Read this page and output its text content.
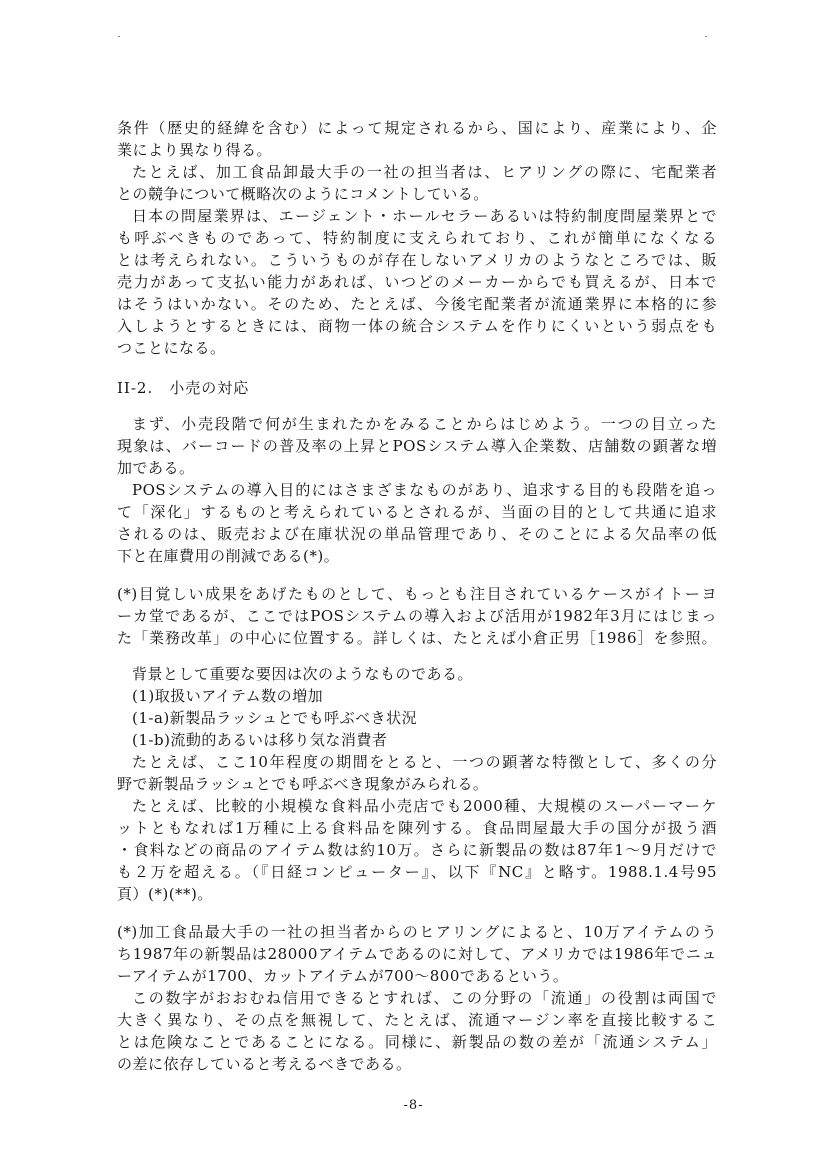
条件（歴史的経緯を含む）によって規定されるから、国により、産業により、企
業により異なり得る。
たとえば、加工食品卸最大手の一社の担当者は、ヒアリングの際に、宅配業者
との競争について概略次のようにコメントしている。
日本の問屋業界は、エージェント・ホールセラーあるいは特約制度問屋業界とで
も呼ぶべきものであって、特約制度に支えられており、これが簡単になくなる
とは考えられない。こういうものが存在しないアメリカのようなところでは、販
売力があって支払い能力があれば、いつどのメーカーからでも買えるが、日本で
はそうはいかない。そのため、たとえば、今後宅配業者が流通業界に本格的に参
入しようとするときには、商物一体の統合システムを作りにくいという弱点をも
つことになる。
II-2.　小売の対応
まず、小売段階で何が生まれたかをみることからはじめよう。一つの目立った
現象は、バーコードの普及率の上昇とPOSシステム導入企業数、店舗数の顕著な増
加である。
POSシステムの導入目的にはさまざまなものがあり、追求する目的も段階を追っ
て「深化」するものと考えられているとされるが、当面の目的として共通に追求
されるのは、販売および在庫状況の単品管理であり、そのことによる欠品率の低
下と在庫費用の削減である(*)。
(*)目覚しい成果をあげたものとして、もっとも注目されているケースがイトーヨ
ーカ堂であるが、ここではPOSシステムの導入および活用が1982年3月にはじまっ
た「業務改革」の中心に位置する。詳しくは、たとえば小倉正男［1986］を参照。
背景として重要な要因は次のようなものである。
(1)取扱いアイテム数の増加
(1-a)新製品ラッシュとでも呼ぶべき状況
(1-b)流動的あるいは移り気な消費者
たとえば、ここ10年程度の期間をとると、一つの顕著な特徴として、多くの分
野で新製品ラッシュとでも呼ぶべき現象がみられる。
たとえば、比較的小規模な食料品小売店でも2000種、大規模のスーパーマーケ
ットともなれば1万種に上る食料品を陳列する。食品問屋最大手の国分が扱う酒
・食料などの商品のアイテム数は約10万。さらに新製品の数は87年1～9月だけで
も２万を超える。（『日経コンピューター』、以下『NC』と略す。1988.1.4号95
頁）(*)(**)。
(*)加工食品最大手の一社の担当者からのヒアリングによると、10万アイテムのう
ち1987年の新製品は28000アイテムであるのに対して、アメリカでは1986年でニュ
ーアイテムが1700、カットアイテムが700～800であるという。
この数字がおおむね信用できるとすれば、この分野の「流通」の役割は両国で
大きく異なり、その点を無視して、たとえば、流通マージン率を直接比較するこ
とは危険なことであることになる。同様に、新製品の数の差が「流通システム」
の差に依存していると考えるべきである。
-8-
